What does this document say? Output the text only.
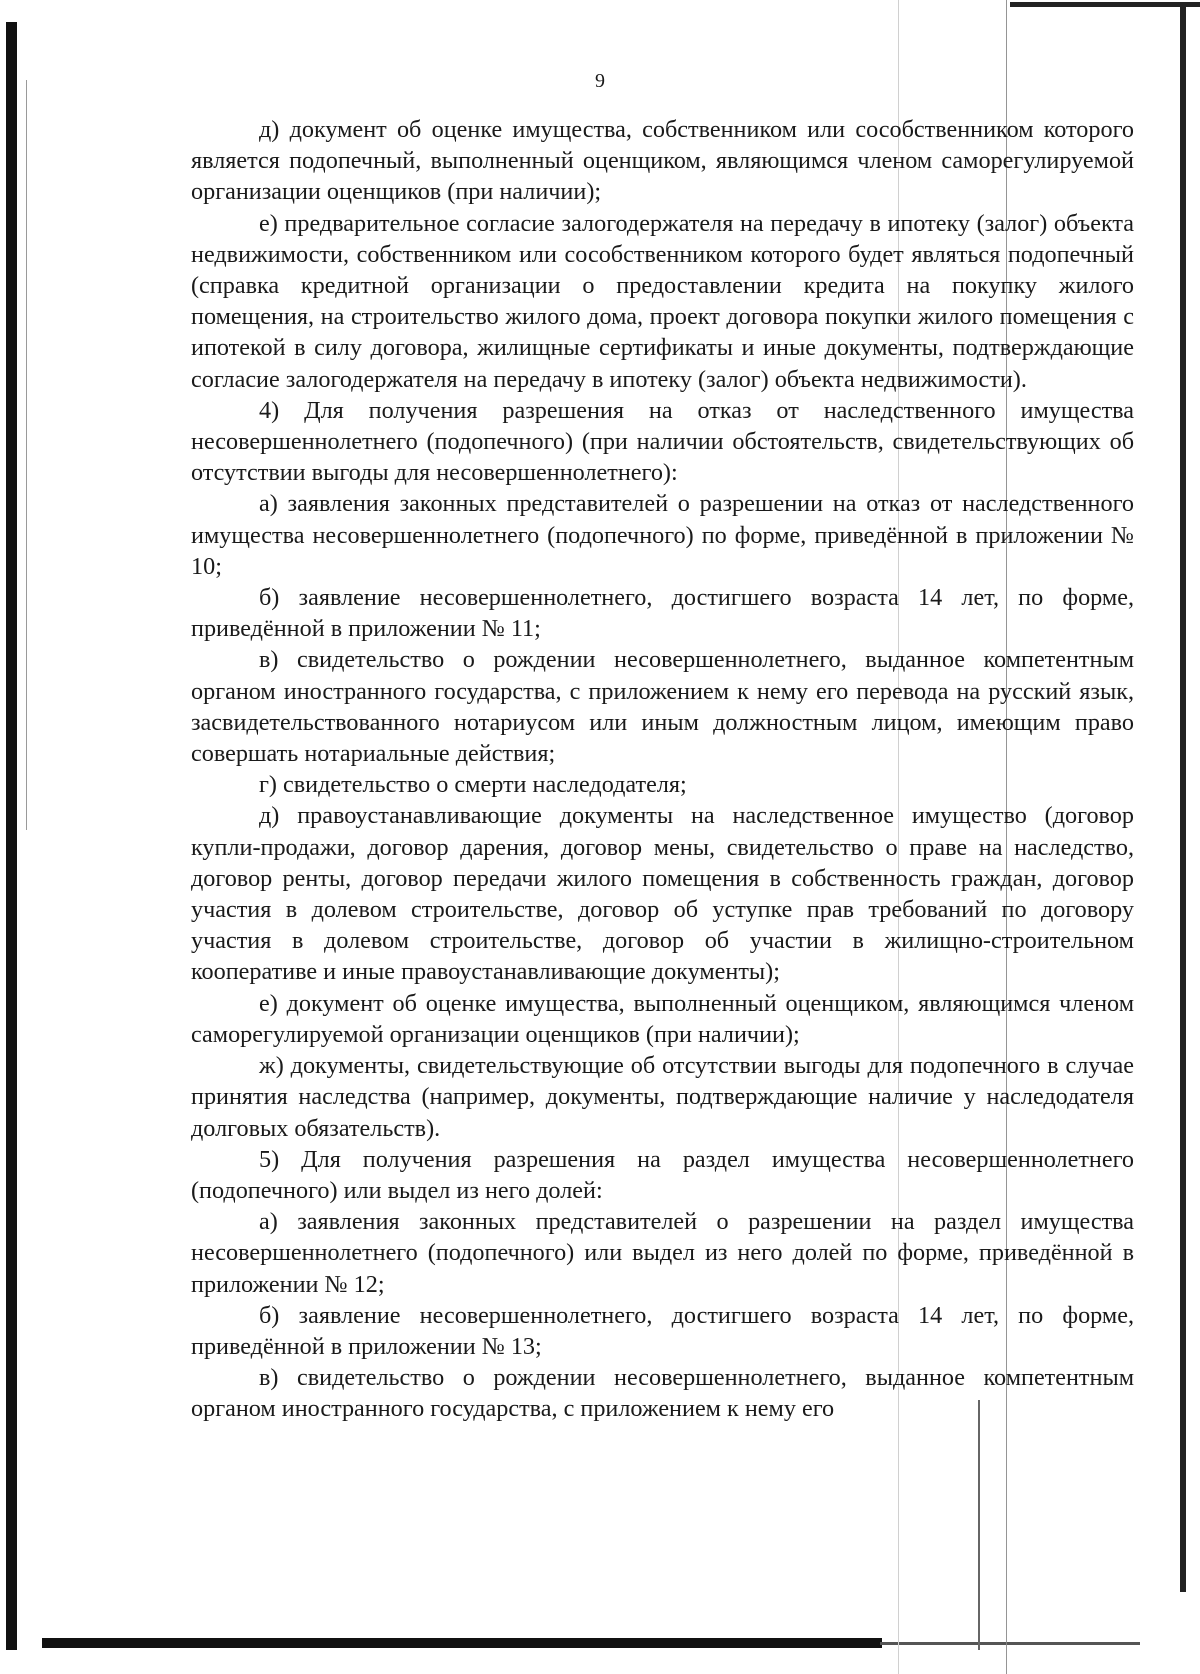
9

д) документ об оценке имущества, собственником или сособственником которого является подопечный, выполненный оценщиком, являющимся членом саморегулируемой организации оценщиков (при наличии);

е) предварительное согласие залогодержателя на передачу в ипотеку (залог) объекта недвижимости, собственником или сособственником которого будет являться подопечный (справка кредитной организации о предоставлении кредита на покупку жилого помещения, на строительство жилого дома, проект договора покупки жилого помещения с ипотекой в силу договора, жилищные сертификаты и иные документы, подтверждающие согласие залогодержателя на передачу в ипотеку (залог) объекта недвижимости).

4) Для получения разрешения на отказ от наследственного имущества несовершеннолетнего (подопечного) (при наличии обстоятельств, свидетельствующих об отсутствии выгоды для несовершеннолетнего):

а) заявления законных представителей о разрешении на отказ от наследственного имущества несовершеннолетнего (подопечного) по форме, приведённой в приложении № 10;

б) заявление несовершеннолетнего, достигшего возраста 14 лет, по форме, приведённой в приложении № 11;

в) свидетельство о рождении несовершеннолетнего, выданное компетентным органом иностранного государства, с приложением к нему его перевода на русский язык, засвидетельствованного нотариусом или иным должностным лицом, имеющим право совершать нотариальные действия;

г) свидетельство о смерти наследодателя;

д) правоустанавливающие документы на наследственное имущество (договор купли-продажи, договор дарения, договор мены, свидетельство о праве на наследство, договор ренты, договор передачи жилого помещения в собственность граждан, договор участия в долевом строительстве, договор об уступке прав требований по договору участия в долевом строительстве, договор об участии в жилищно-строительном кооперативе и иные правоустанавливающие документы);

е) документ об оценке имущества, выполненный оценщиком, являющимся членом саморегулируемой организации оценщиков (при наличии);

ж) документы, свидетельствующие об отсутствии выгоды для подопечного в случае принятия наследства (например, документы, подтверждающие наличие у наследодателя долговых обязательств).

5) Для получения разрешения на раздел имущества несовершеннолетнего (подопечного) или выдел из него долей:

а) заявления законных представителей о разрешении на раздел имущества несовершеннолетнего (подопечного) или выдел из него долей по форме, приведённой в приложении № 12;

б) заявление несовершеннолетнего, достигшего возраста 14 лет, по форме, приведённой в приложении № 13;

в) свидетельство о рождении несовершеннолетнего, выданное компетентным органом иностранного государства, с приложением к нему его
